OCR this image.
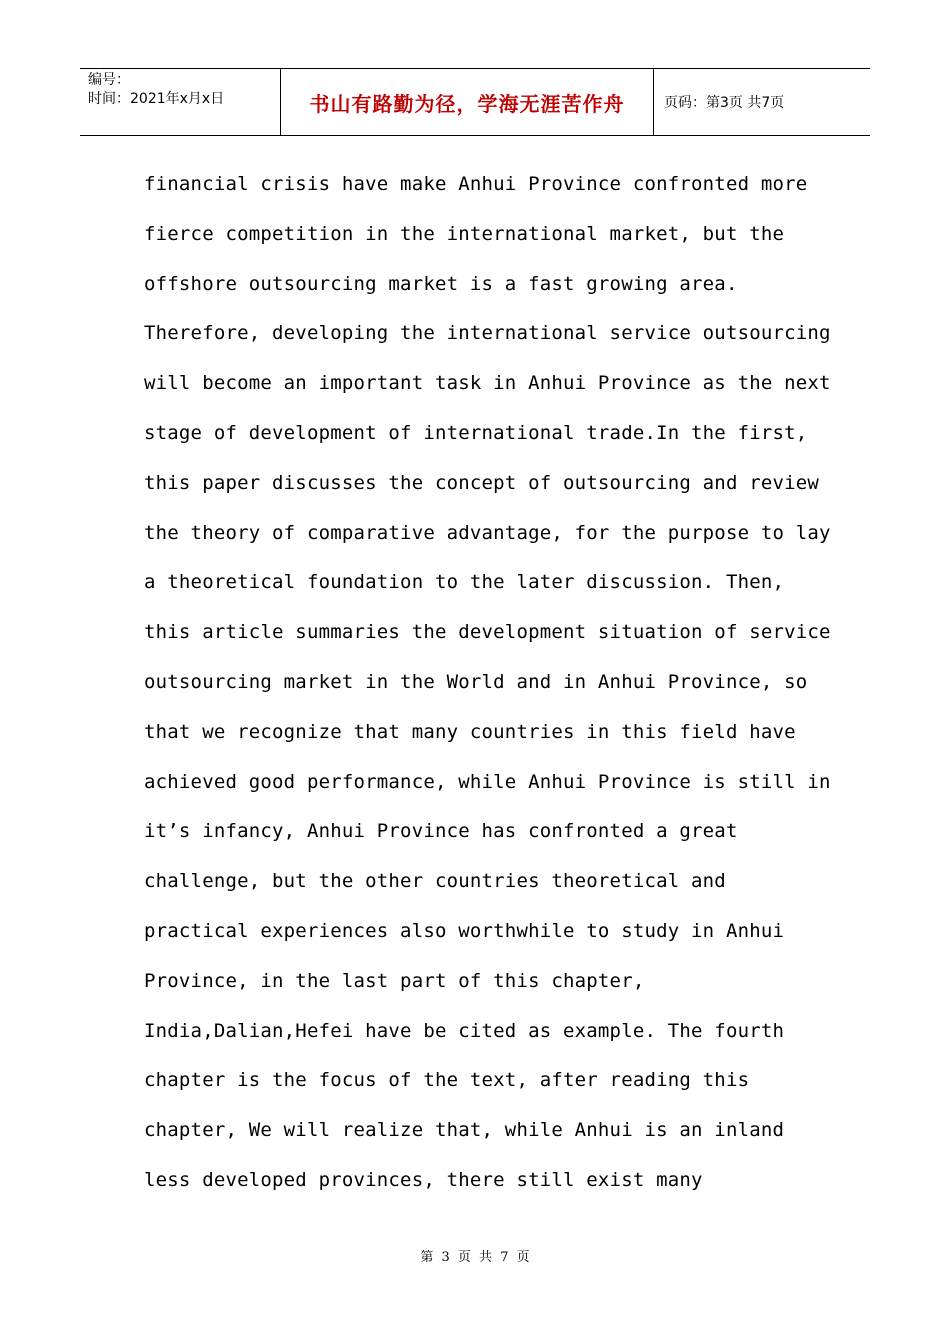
编号：
时间：2021年x月x日	书山有路勤为径，学海无涯苦作舟	页码：第3页 共7页
financial crisis have make Anhui Province confronted more
fierce competition in the international market, but the
offshore outsourcing market is a fast growing area.
Therefore, developing the international service outsourcing
will become an important task in Anhui Province as the next
stage of development of international trade.In the first,
this paper discusses the concept of outsourcing and review
the theory of comparative advantage, for the purpose to lay
a theoretical foundation to the later discussion. Then,
this article summaries the development situation of service
outsourcing market in the World and in Anhui Province, so
that we recognize that many countries in this field have
achieved good performance, while Anhui Province is still in
it’s infancy, Anhui Province has confronted a great
challenge, but the other countries theoretical and
practical experiences also worthwhile to study in Anhui
Province, in the last part of this chapter,
India,Dalian,Hefei have be cited as example. The fourth
chapter is the focus of the text, after reading this
chapter, We will realize that, while Anhui is an inland
less developed provinces, there still exist many
第 3 页 共 7 页
